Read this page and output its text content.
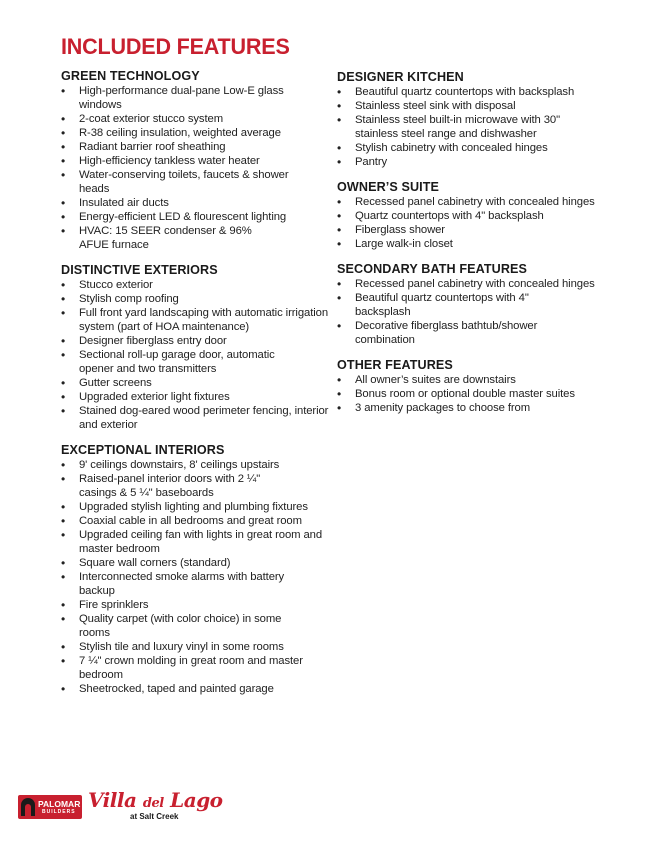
INCLUDED FEATURES
GREEN TECHNOLOGY
• High-performance dual-pane Low-E glass windows
• 2-coat exterior stucco system
• R-38 ceiling insulation, weighted average
• Radiant barrier roof sheathing
• High-efficiency tankless water heater
• Water-conserving toilets, faucets & shower heads
• Insulated air ducts
• Energy-efficient LED & flourescent lighting
• HVAC: 15 SEER condenser & 96% AFUE furnace
DISTINCTIVE EXTERIORS
• Stucco exterior
• Stylish comp roofing
• Full front yard landscaping with automatic irrigation system (part of HOA maintenance)
• Designer fiberglass entry door
• Sectional roll-up garage door, automatic opener and two transmitters
• Gutter screens
• Upgraded exterior light fixtures
• Stained dog-eared wood perimeter fencing, interior and exterior
EXCEPTIONAL INTERIORS
• 9' ceilings downstairs, 8' ceilings upstairs
• Raised-panel interior doors with 2 ¼" casings & 5 ¼" baseboards
• Upgraded stylish lighting and plumbing fixtures
• Coaxial cable in all bedrooms and great room
• Upgraded ceiling fan with lights in great room and master bedroom
• Square wall corners (standard)
• Interconnected smoke alarms with battery backup
• Fire sprinklers
• Quality carpet (with color choice) in some rooms
• Stylish tile and luxury vinyl in some rooms
• 7 ¼" crown molding in great room and master bedroom
• Sheetrocked, taped and painted garage
DESIGNER KITCHEN
• Beautiful quartz countertops with backsplash
• Stainless steel sink with disposal
• Stainless steel built-in microwave with 30" stainless steel range and dishwasher
• Stylish cabinetry with concealed hinges
• Pantry
OWNER’S SUITE
• Recessed panel cabinetry with concealed hinges
• Quartz countertops with 4" backsplash
• Fiberglass shower
• Large walk-in closet
SECONDARY BATH FEATURES
• Recessed panel cabinetry with concealed hinges
• Beautiful quartz countertops with 4" backsplash
• Decorative fiberglass bathtub/shower combination
OTHER FEATURES
• All owner’s suites are downstairs
• Bonus room or optional double master suites
• 3 amenity packages to choose from
PALOMAR
BUILDERS Villa del Lago
at Salt Creek
